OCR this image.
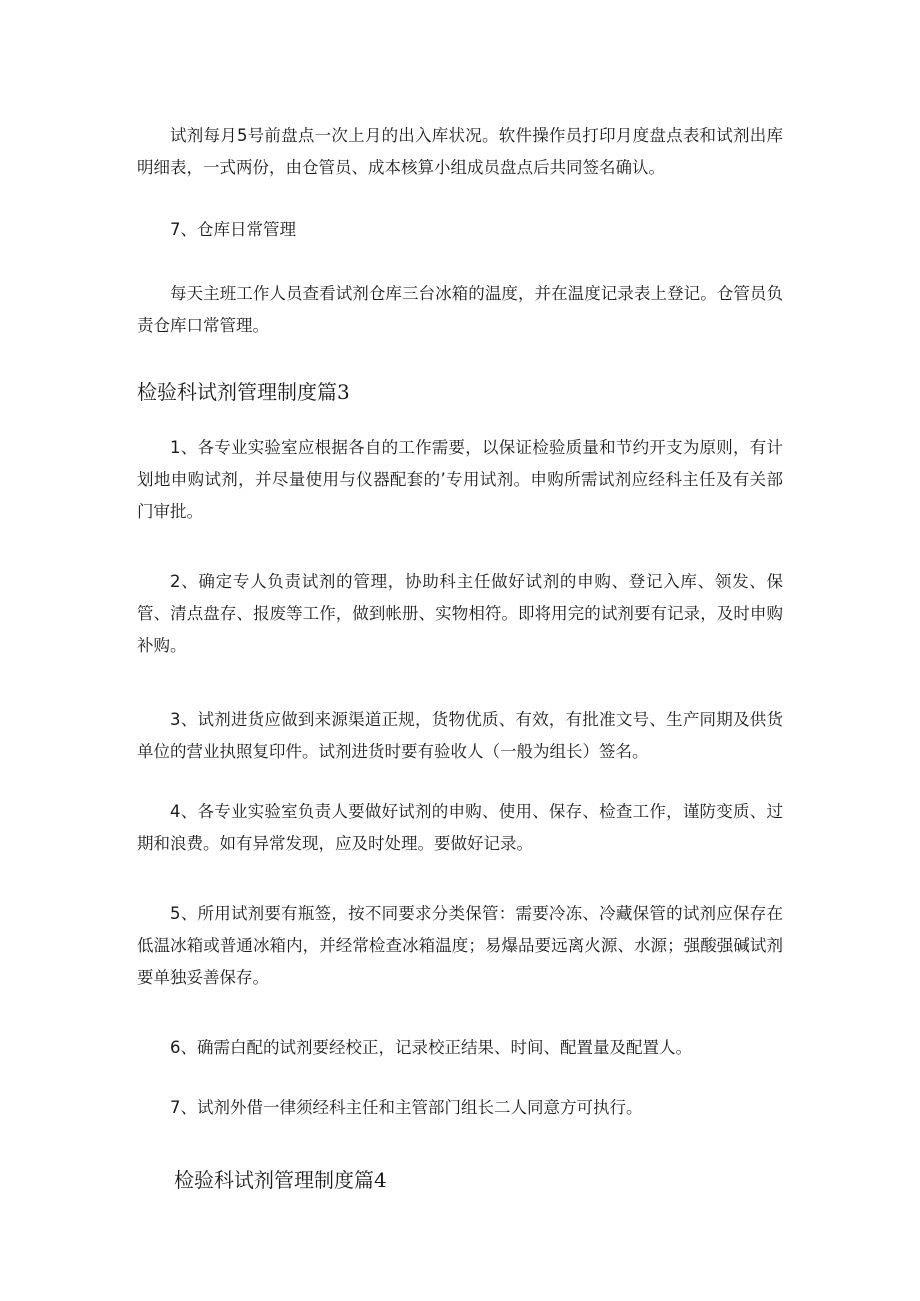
试剂每月5号前盘点一次上月的出入库状况。软件操作员打印月度盘点表和试剂出库明细表，一式两份，由仓管员、成本核算小组成员盘点后共同签名确认。

7、仓库日常管理

每天主班工作人员查看试剂仓库三台冰箱的温度，并在温度记录表上登记。仓管员负责仓库口常管理。

检验科试剂管理制度篇3

1、各专业实验室应根据各自的工作需要，以保证检验质量和节约开支为原则，有计划地申购试剂，并尽量使用与仪器配套的’专用试剂。申购所需试剂应经科主任及有关部门审批。

2、确定专人负责试剂的管理，协助科主任做好试剂的申购、登记入库、领发、保管、清点盘存、报废等工作，做到帐册、实物相符。即将用完的试剂要有记录，及时申购补购。

3、试剂进货应做到来源渠道正规，货物优质、有效，有批准文号、生产同期及供货单位的营业执照复印件。试剂进货时要有验收人（一般为组长）签名。

4、各专业实验室负责人要做好试剂的申购、使用、保存、检查工作，谨防变质、过期和浪费。如有异常发现，应及时处理。要做好记录。

5、所用试剂要有瓶签，按不同要求分类保管：需要冷冻、冷藏保管的试剂应保存在低温冰箱或普通冰箱内，并经常检查冰箱温度；易爆品要远离火源、水源；强酸强碱试剂要单独妥善保存。

6、确需白配的试剂要经校正，记录校正结果、时间、配置量及配置人。

7、试剂外借一律须经科主任和主管部门组长二人同意方可执行。

检验科试剂管理制度篇4
